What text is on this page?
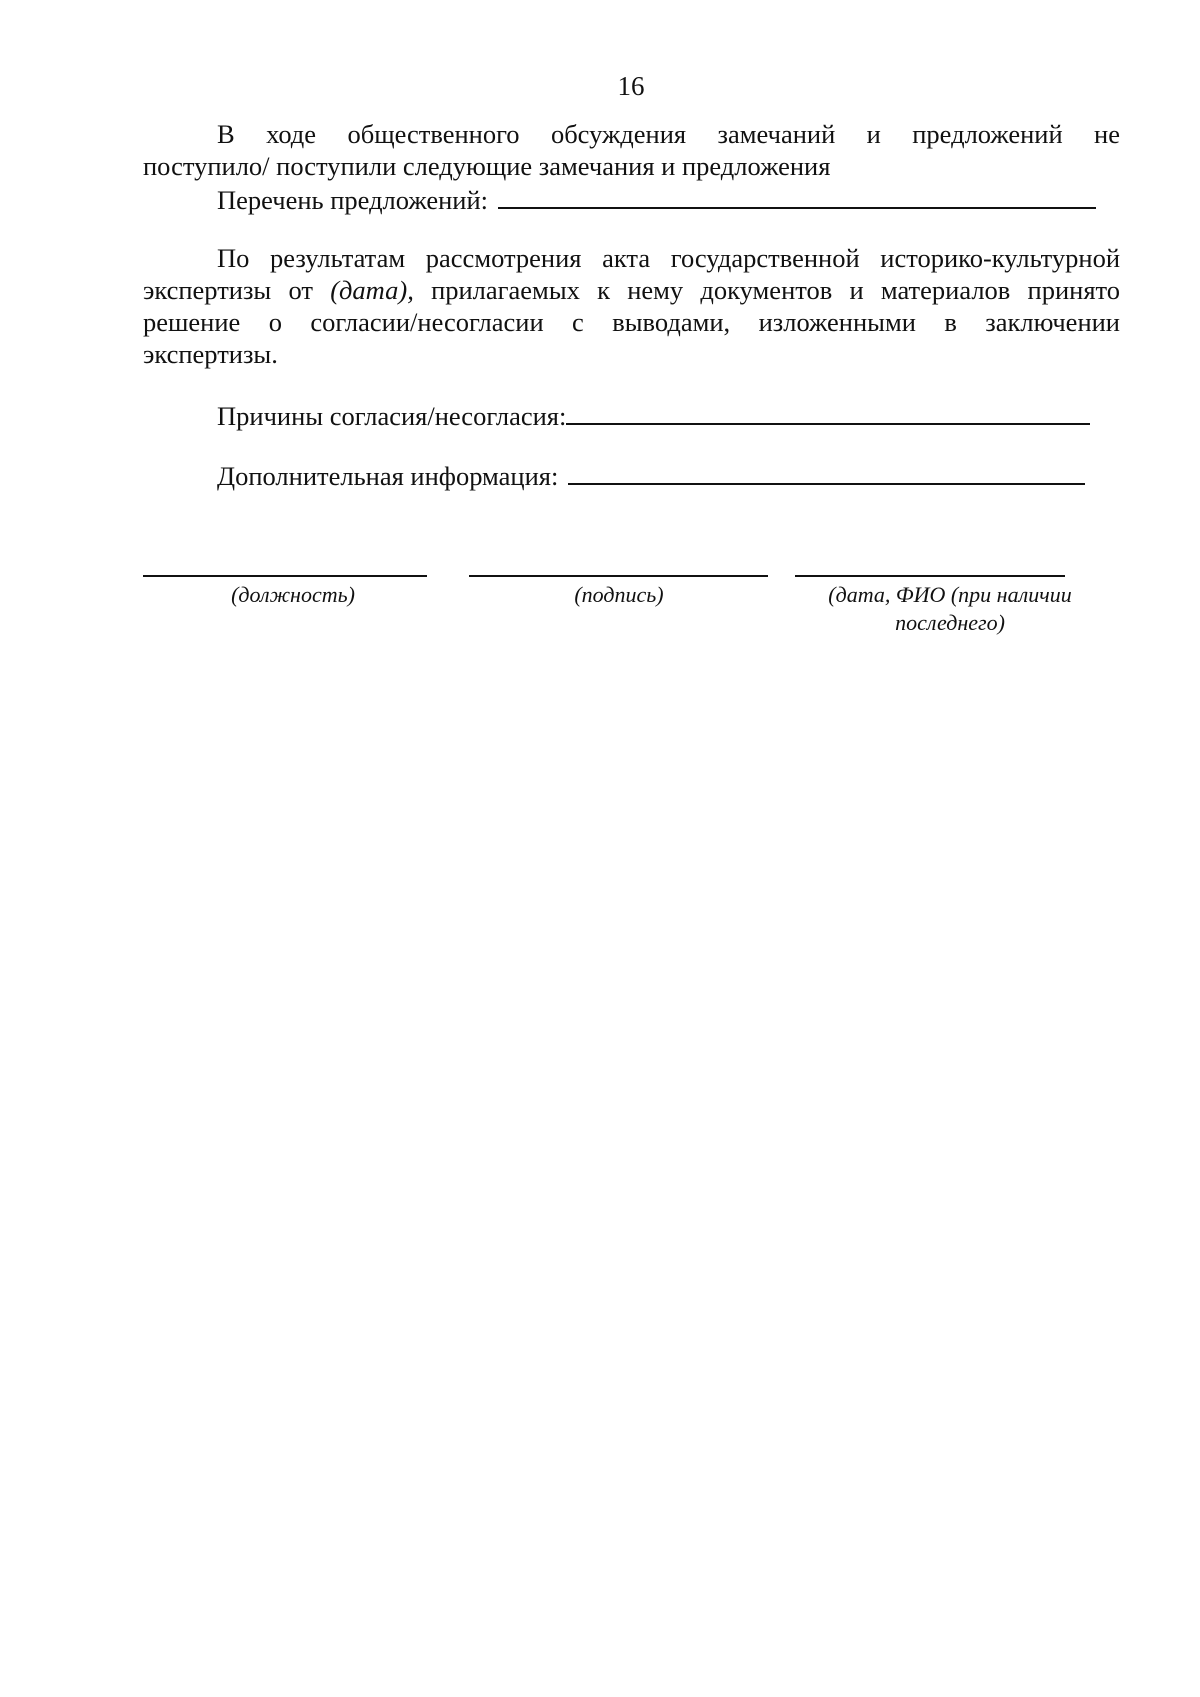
16
В ходе общественного обсуждения замечаний и предложений не
поступило/ поступили следующие замечания и предложения
Перечень предложений:
По результатам рассмотрения акта государственной историко-культурной
экспертизы от (дата), прилагаемых к нему документов и материалов принято
решение о согласии/несогласии с выводами, изложенными в заключении
экспертизы.
Причины согласия/несогласия:
Дополнительная информация:
(должность)	(подпись)	(дата, ФИО (при наличии
последнего)
